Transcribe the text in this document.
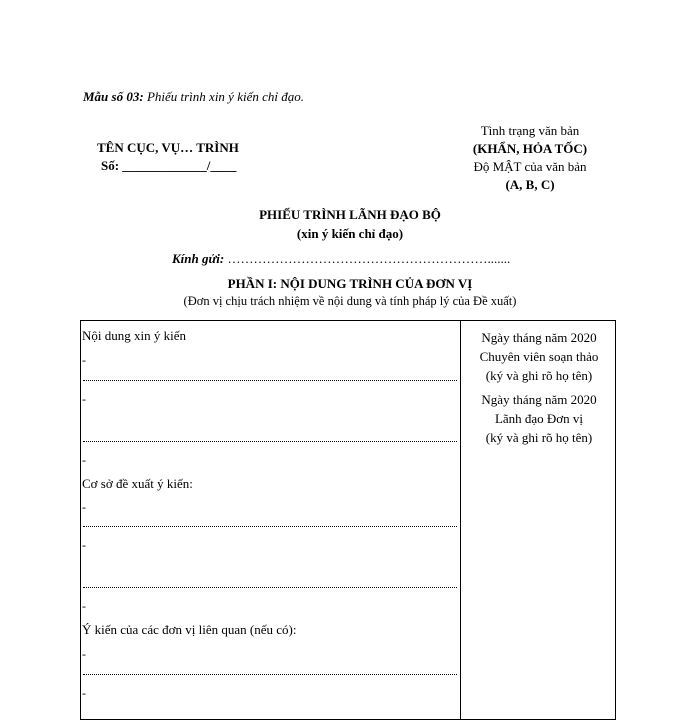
Mẫu số 03: Phiếu trình xin ý kiến chỉ đạo.
TÊN CỤC, VỤ… TRÌNH
Số: _____________/____
Tình trạng văn bản
(KHẨN, HỎA TỐC)
Độ MẬT của văn bản
(A, B, C)
PHIẾU TRÌNH LÃNH ĐẠO BỘ
(xin ý kiến chỉ đạo)
Kính gửi: …………………………………………………….......
PHẦN I: NỘI DUNG TRÌNH CỦA ĐƠN VỊ
(Đơn vị chịu trách nhiệm về nội dung và tính pháp lý của Đề xuất)
Nội dung xin ý kiến
-
-
-
Cơ sở đề xuất ý kiến:
-
-
-
Ý kiến của các đơn vị liên quan (nếu có):
-
-
Ngày tháng năm 2020
Chuyên viên soạn thảo
(ký và ghi rõ họ tên)
Ngày tháng năm 2020
Lãnh đạo Đơn vị
(ký và ghi rõ họ tên)
